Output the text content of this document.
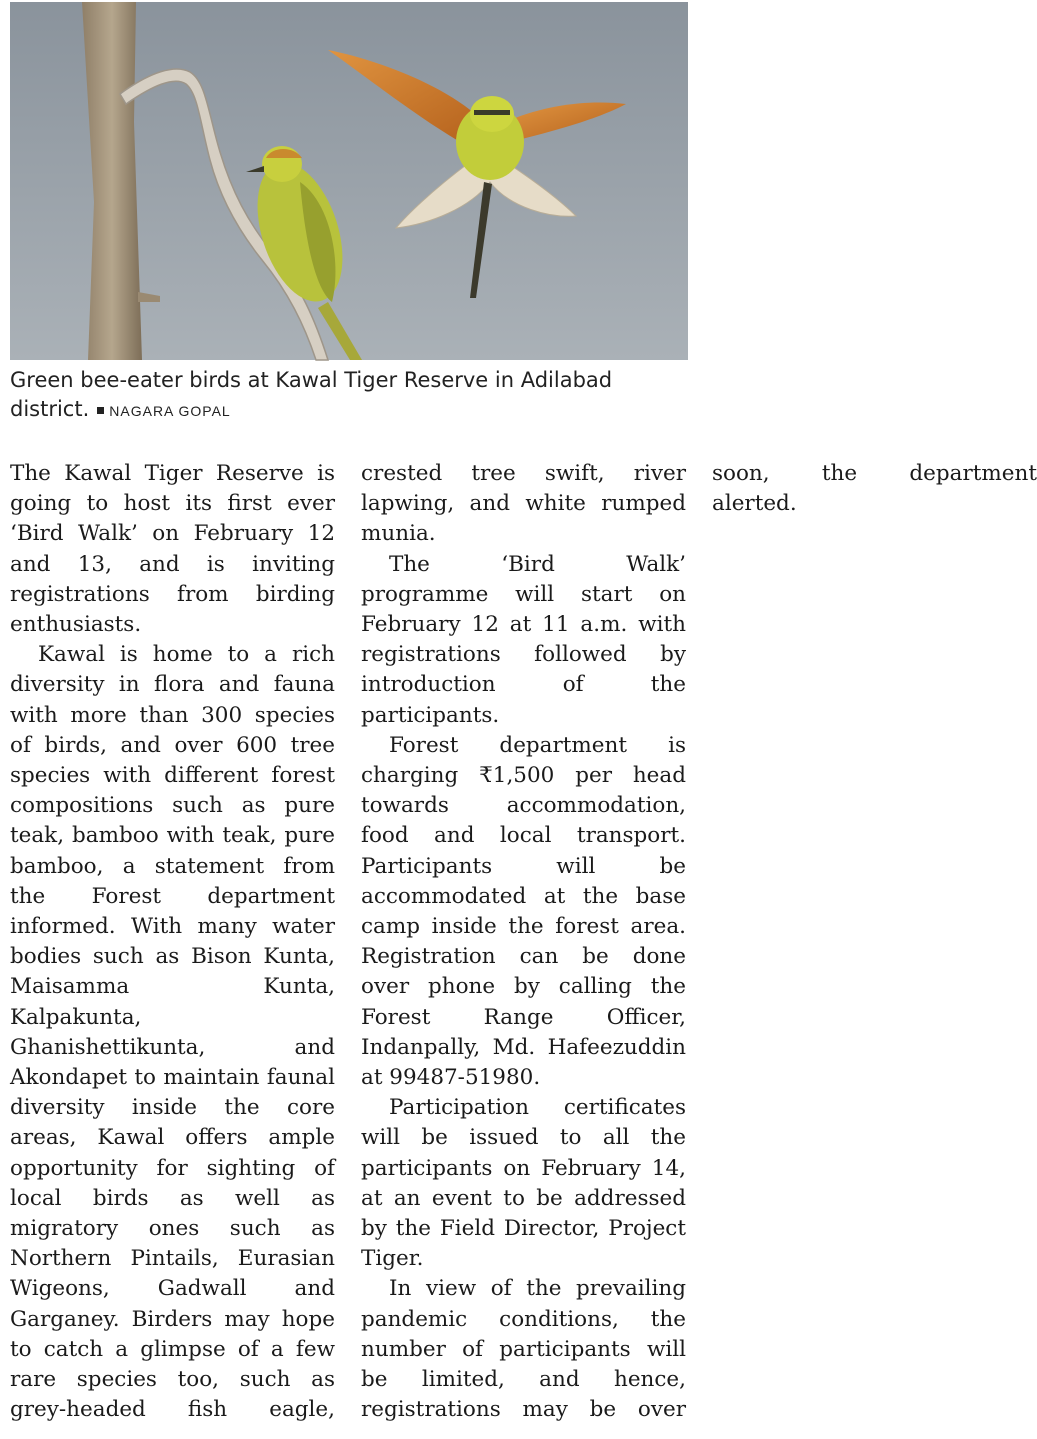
Green bee-eater birds at Kawal Tiger Reserve in Adilabad district. NAGARA GOPAL

The Kawal Tiger Reserve is going to host its first ever ‘Bird Walk’ on February 12 and 13, and is inviting registrations from birding enthusiasts.

Kawal is home to a rich diversity in flora and fauna with more than 300 species of birds, and over 600 tree species with different forest compositions such as pure teak, bamboo with teak, pure bamboo, a statement from the Forest department informed. With many water bodies such as Bison Kunta, Maisamma Kunta, Kalpakunta, Ghanishettikunta, and Akondapet to maintain faunal diversity inside the core areas, Kawal offers ample opportunity for sighting of local birds as well as migratory ones such as Northern Pintails, Eurasian Wigeons, Gadwall and Garganey. Birders may hope to catch a glimpse of a few rare species too, such as grey-headed fish eagle, crested tree swift, river lapwing, and white rumped munia.

The ‘Bird Walk’ programme will start on February 12 at 11 a.m. with registrations followed by introduction of the participants.

Forest department is charging ₹1,500 per head towards accommodation, food and local transport. Participants will be accommodated at the base camp inside the forest area. Registration can be done over phone by calling the Forest Range Officer, Indanpally, Md. Hafeezuddin at 99487-51980.

Participation certificates will be issued to all the participants on February 14, at an event to be addressed by the Field Director, Project Tiger.

In view of the prevailing pandemic conditions, the number of participants will be limited, and hence, registrations may be over soon, the department alerted.
